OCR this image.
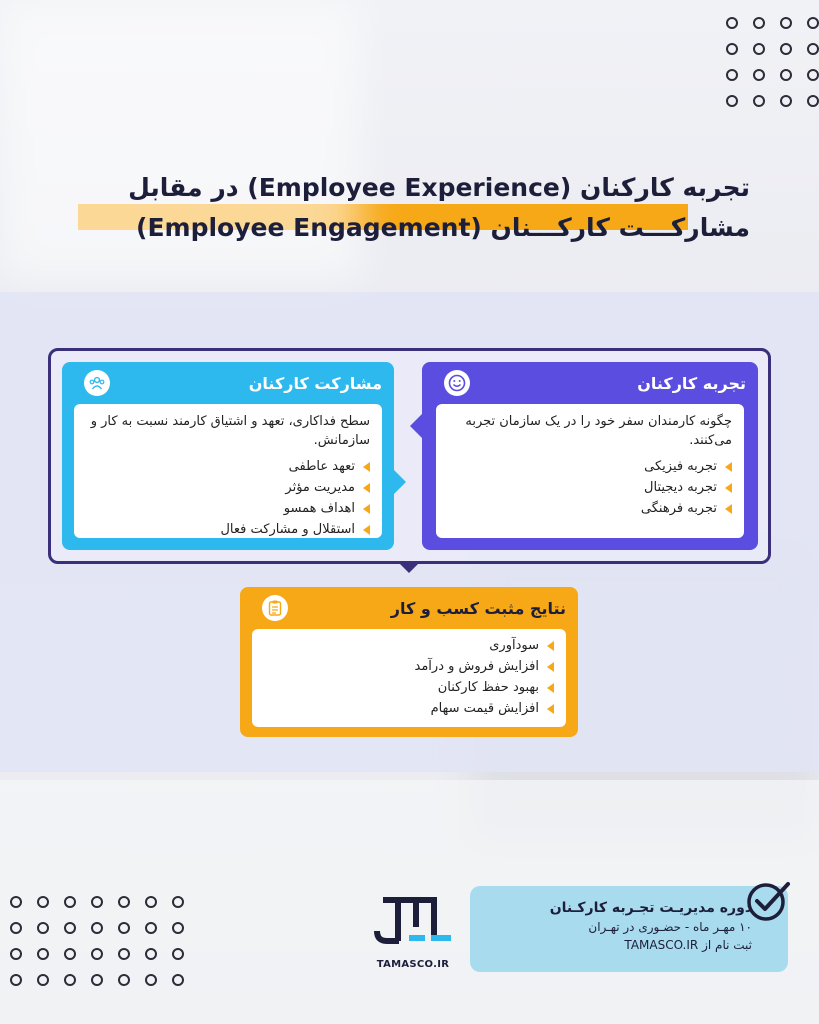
تجربه کارکنان (Employee Experience) در مقابل
مشارکـــت کارکـــنان (Employee Engagement)
تجربه کارکنان

چگونه کارمندان سفر خود را در یک سازمان تجربه می‌کنند.

تجربه فیزیکی
تجربه دیجیتال
تجربه فرهنگی
مشارکت کارکنان

سطح فداکاری، تعهد و اشتیاق کارمند نسبت به کار و سازمانش.

تعهد عاطفی
مدیریت مؤثر
اهداف همسو
استقلال و مشارکت فعال
نتایج مثبت کسب و کار
سودآوری
افزایش فروش و درآمد
بهبود حفظ کارکنان
افزایش قیمت سهام
TAMASCO.IR
دوره مدیریـت تجـربه کارکـنان
۱۰ مهـر ماه - حضـوری در تهـران
ثبت نام از TAMASCO.IR
